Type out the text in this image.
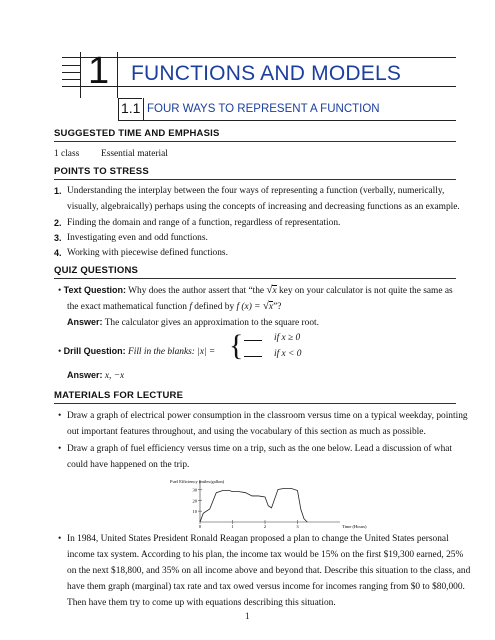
1 FUNCTIONS AND MODELS
1.1 FOUR WAYS TO REPRESENT A FUNCTION
SUGGESTED TIME AND EMPHASIS
1 class Essential material
POINTS TO STRESS
1. Understanding the interplay between the four ways of representing a function (verbally, numerically,
visually, algebraically) perhaps using the concepts of increasing and decreasing functions as an example.
2. Finding the domain and range of a function, regardless of representation.
3. Investigating even and odd functions.
4. Working with piecewise defined functions.
QUIZ QUESTIONS
• Text Question: Why does the author assert that “the √x key on your calculator is not quite the same as
the exact mathematical function f defined by f (x) = √x”?
Answer: The calculator gives an approximation to the square root.
• Drill Question: Fill in the blanks: |x| = {	if x ≥ 0
if x < 0
Answer: x, −x
MATERIALS FOR LECTURE
• Draw a graph of electrical power consumption in the classroom versus time on a typical weekday, pointing
out important features throughout, and using the vocabulary of this section as much as possible.
• Draw a graph of fuel efficiency versus time on a trip, such as the one below. Lead a discussion of what
could have happened on the trip.
10
20
30
0	1	2	3
Fuel Efficiency (miles/gallon)
Time (Hours)
• In 1984, United States President Ronald Reagan proposed a plan to change the United States personal
income tax system. According to his plan, the income tax would be 15% on the first $19,300 earned, 25%
on the next $18,800, and 35% on all income above and beyond that. Describe this situation to the class, and
have them graph (marginal) tax rate and tax owed versus income for incomes ranging from $0 to $80,000.
Then have them try to come up with equations describing this situation.
1
